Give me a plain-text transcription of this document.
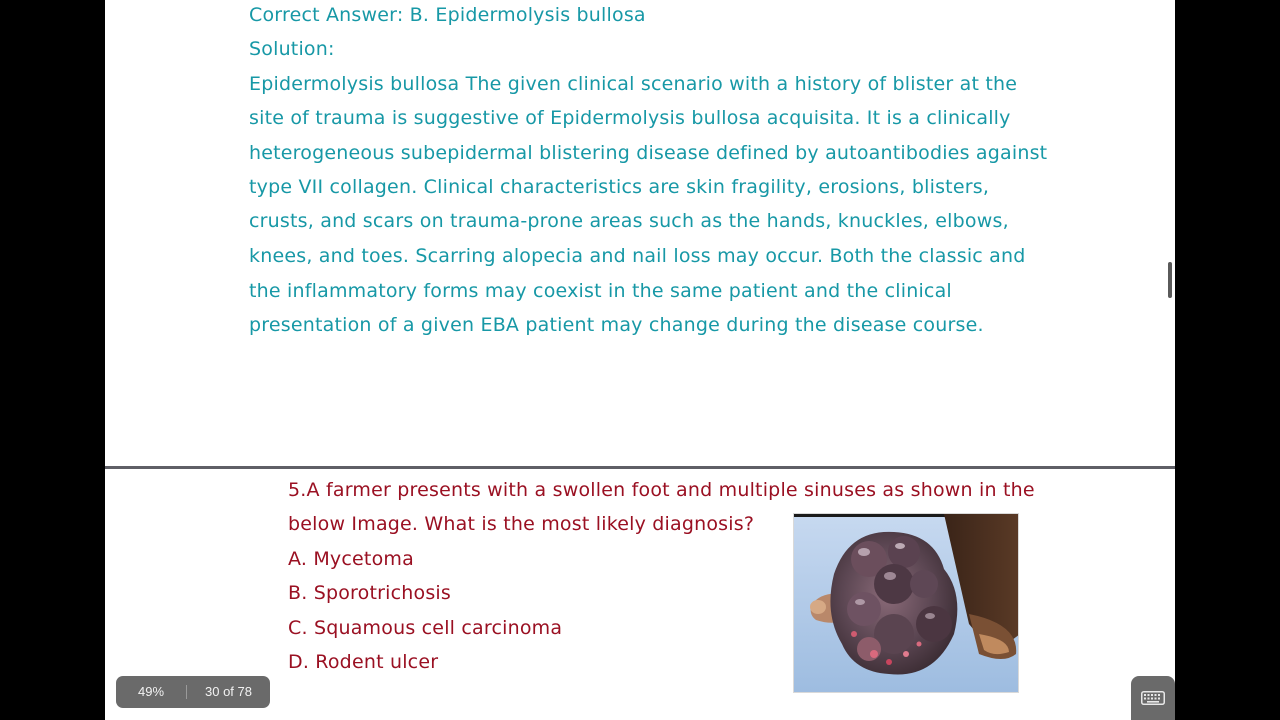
Correct Answer: B. Epidermolysis bullosa
Solution:
Epidermolysis bullosa The given clinical scenario with a history of blister at the
site of trauma is suggestive of Epidermolysis bullosa acquisita. It is a clinically
heterogeneous subepidermal blistering disease defined by autoantibodies against
type VII collagen. Clinical characteristics are skin fragility, erosions, blisters,
crusts, and scars on trauma-prone areas such as the hands, knuckles, elbows,
knees, and toes. Scarring alopecia and nail loss may occur. Both the classic and
the inflammatory forms may coexist in the same patient and the clinical
presentation of a given EBA patient may change during the disease course.
5.A farmer presents with a swollen foot and multiple sinuses as shown in the
below Image. What is the most likely diagnosis?
A. Mycetoma
B. Sporotrichosis
C. Squamous cell carcinoma
D. Rodent ulcer
49%	30 of 78
